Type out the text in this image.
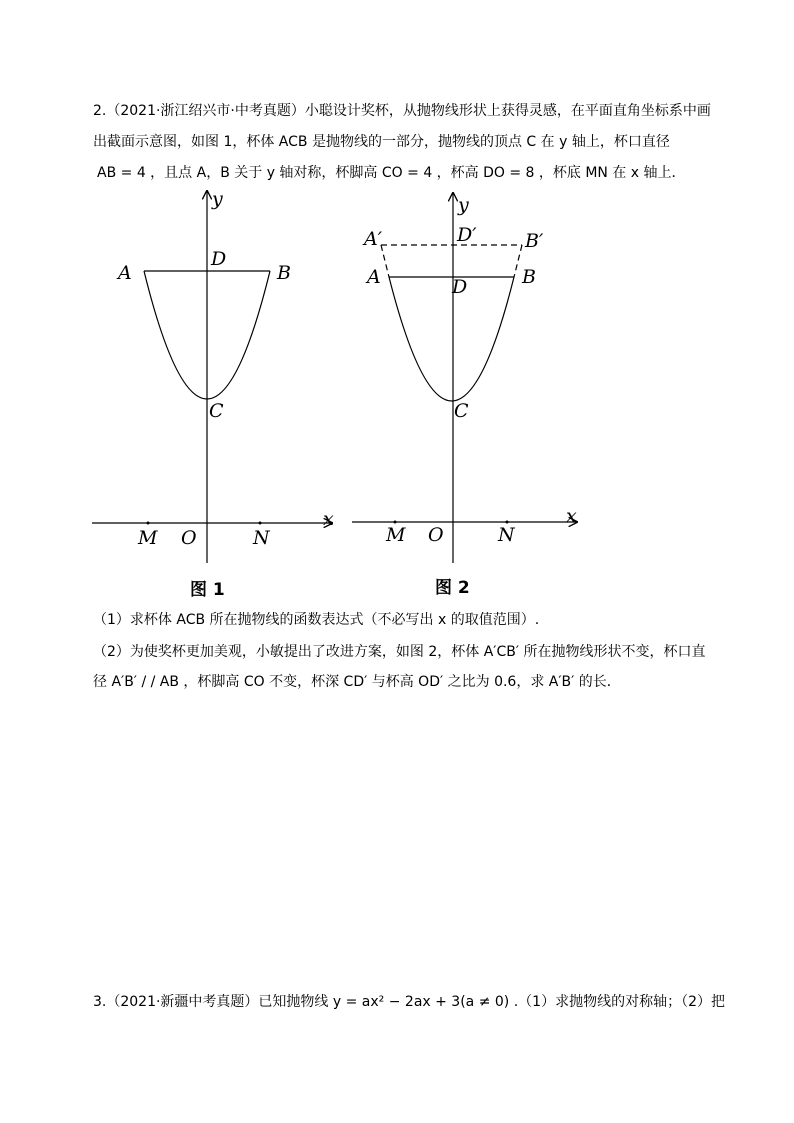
2.（2021·浙江绍兴市·中考真题）小聪设计奖杯，从抛物线形状上获得灵感，在平面直角坐标系中画
出截面示意图，如图 1，杯体 ACB 是抛物线的一部分，抛物线的顶点 C 在 y 轴上，杯口直径
AB = 4 ，且点 A，B 关于 y 轴对称，杯脚高 CO = 4 ，杯高 DO = 8 ，杯底 MN 在 x 轴上．
y
x
A	B
D
C
M O	N
图 1
y
x
A′	B′
D′
A	B
D
C
M O	N
图 2
（1）求杯体 ACB 所在抛物线的函数表达式（不必写出 x 的取值范围）.
（2）为使奖杯更加美观，小敏提出了改进方案，如图 2，杯体 A′CB′ 所在抛物线形状不变，杯口直
径 A′B′ / / AB ，杯脚高 CO 不变，杯深 CD′ 与杯高 OD′ 之比为 0.6，求 A′B′ 的长．
3.（2021·新疆中考真题）已知抛物线 y = ax² − 2ax + 3(a ≠ 0) .（1）求抛物线的对称轴；（2）把
